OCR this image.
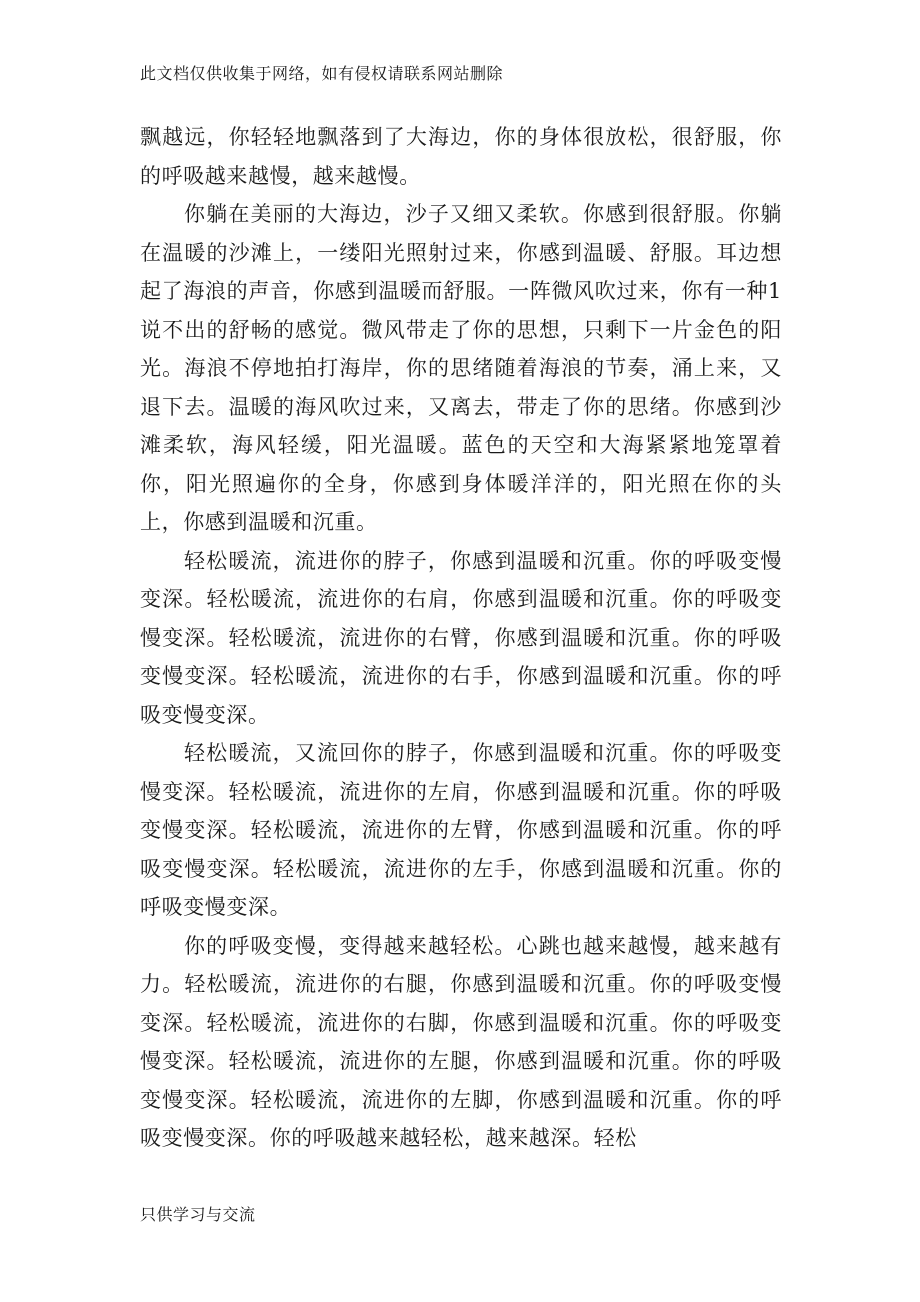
此文档仅供收集于网络，如有侵权请联系网站删除

飘越远，你轻轻地飘落到了大海边，你的身体很放松，很舒服，你的呼吸越来越慢，越来越慢。

你躺在美丽的大海边，沙子又细又柔软。你感到很舒服。你躺在温暖的沙滩上，一缕阳光照射过来，你感到温暖、舒服。耳边想起了海浪的声音，你感到温暖而舒服。一阵微风吹过来，你有一种1说不出的舒畅的感觉。微风带走了你的思想，只剩下一片金色的阳光。海浪不停地拍打海岸，你的思绪随着海浪的节奏，涌上来，又退下去。温暖的海风吹过来，又离去，带走了你的思绪。你感到沙滩柔软，海风轻缓，阳光温暖。蓝色的天空和大海紧紧地笼罩着你，阳光照遍你的全身，你感到身体暖洋洋的，阳光照在你的头上，你感到温暖和沉重。

轻松暖流，流进你的脖子，你感到温暖和沉重。你的呼吸变慢变深。轻松暖流，流进你的右肩，你感到温暖和沉重。你的呼吸变慢变深。轻松暖流，流进你的右臂，你感到温暖和沉重。你的呼吸变慢变深。轻松暖流，流进你的右手，你感到温暖和沉重。你的呼吸变慢变深。

轻松暖流，又流回你的脖子，你感到温暖和沉重。你的呼吸变慢变深。轻松暖流，流进你的左肩，你感到温暖和沉重。你的呼吸变慢变深。轻松暖流，流进你的左臂，你感到温暖和沉重。你的呼吸变慢变深。轻松暖流，流进你的左手，你感到温暖和沉重。你的呼吸变慢变深。

你的呼吸变慢，变得越来越轻松。心跳也越来越慢，越来越有力。轻松暖流，流进你的右腿，你感到温暖和沉重。你的呼吸变慢变深。轻松暖流，流进你的右脚，你感到温暖和沉重。你的呼吸变慢变深。轻松暖流，流进你的左腿，你感到温暖和沉重。你的呼吸变慢变深。轻松暖流，流进你的左脚，你感到温暖和沉重。你的呼吸变慢变深。你的呼吸越来越轻松，越来越深。轻松

只供学习与交流
